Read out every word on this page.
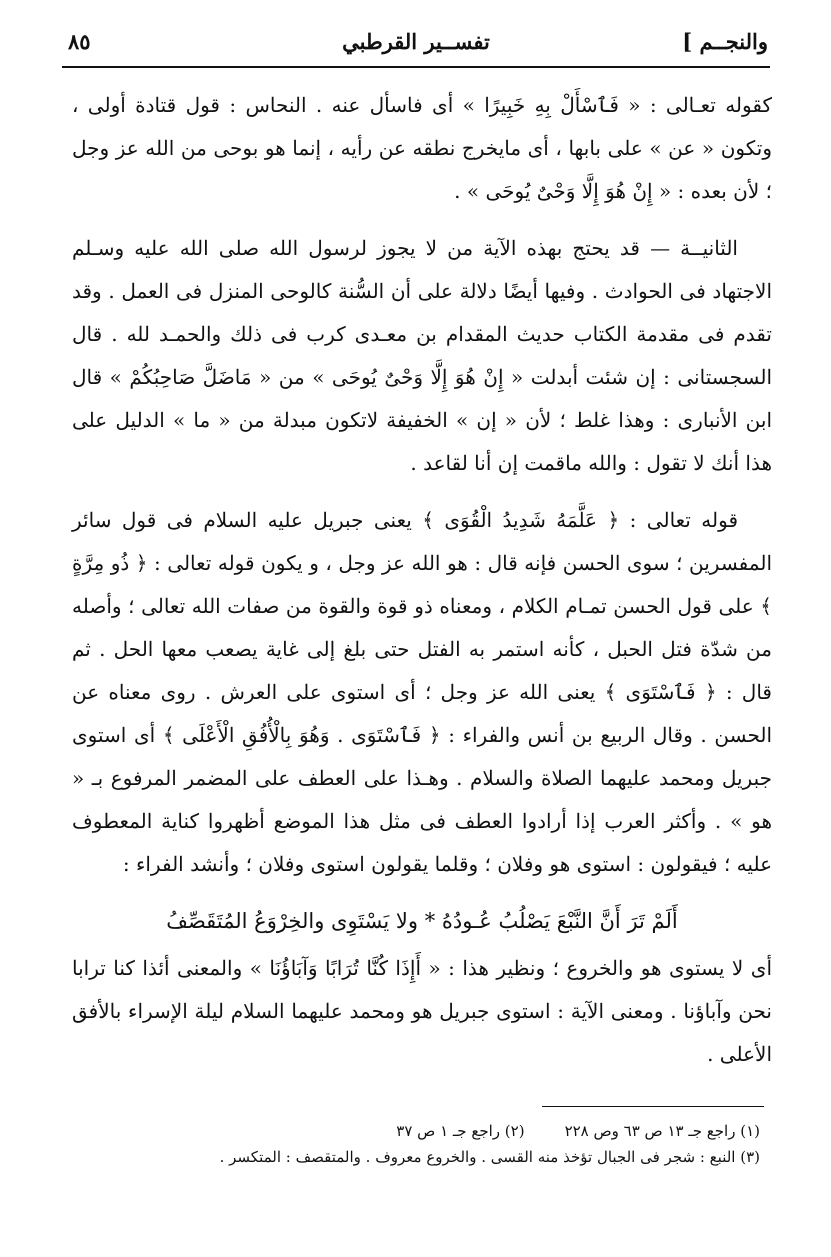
والنجــم ]
تفســير القرطبي
٨٥

كقوله تعـالى : « فَٱسْأَلْ بِهِ خَبِيرًا » أى فاسأل عنه . النحاس : قول قتادة أولى ، وتكون « عن » على بابها ، أى مايخرج نطقه عن رأيه ، إنما هو بوحى من الله عز وجل ؛ لأن بعده : « إِنْ هُوَ إِلَّا وَحْىٌ يُوحَى » .

الثانيــة — قد يحتج بهذه الآية من لا يجوز لرسول الله صلى الله عليه وسـلم الاجتهاد فى الحوادث . وفيها أيضًا دلالة على أن السُّنة كالوحى المنزل فى العمل . وقد تقدم فى مقدمة الكتاب حديث المقدام بن معـدى كرب فى ذلك والحمـد لله . قال السجستانى : إن شئت أبدلت « إِنْ هُوَ إِلَّا وَحْىٌ يُوحَى » من « مَاضَلَّ صَاحِبُكُمْ » قال ابن الأنبارى : وهذا غلط ؛ لأن « إن » الخفيفة لاتكون مبدلة من « ما » الدليل على هذا أنك لا تقول : والله ماقمت إن أنا لقاعد .

قوله تعالى : ﴿ عَلَّمَهُ شَدِيدُ الْقُوَى ﴾ يعنى جبريل عليه السلام فى قول سائر المفسرين ؛ سوى الحسن فإنه قال : هو الله عز وجل ، و يكون قوله تعالى : ﴿ ذُو مِرَّةٍ ﴾ على قول الحسن تمـام الكلام ، ومعناه ذو قوة والقوة من صفات الله تعالى ؛ وأصله من شدّة فتل الحبل ، كأنه استمر به الفتل حتى بلغ إلى غاية يصعب معها الحل . ثم قال : ﴿ فَٱسْتَوَى ﴾ يعنى الله عز وجل ؛ أى استوى على العرش . روى معناه عن الحسن . وقال الربيع بن أنس والفراء : ﴿ فَٱسْتَوَى . وَهُوَ بِالْأُفُقِ الْأَعْلَى ﴾ أى استوى جبريل ومحمد عليهما الصلاة والسلام . وهـذا على العطف على المضمر المرفوع بـ « هو » . وأكثر العرب إذا أرادوا العطف فى مثل هذا الموضع أظهروا كناية المعطوف عليه ؛ فيقولون : استوى هو وفلان ؛ وقلما يقولون استوى وفلان ؛ وأنشد الفراء :

أَلَمْ تَرَ أَنَّ النَّبْعَ يَصْلُبُ عُـودُهُ * ولا يَسْتَوِى والخِرْوَعُ المُتَقَصِّفُ

أى لا يستوى هو والخروع ؛ ونظير هذا : « أَإِذَا كُنَّا تُرَابًا وَآبَاؤُنَا » والمعنى أئذا كنا ترابا نحن وآباؤنا . ومعنى الآية : استوى جبريل هو ومحمد عليهما السلام ليلة الإسراء بالأفق الأعلى .

(١) راجع جـ ١٣ ص ٦٣ وص ٢٢٨(٢) راجع جـ ١ ص ٣٧
(٣) النبع : شجر فى الجبال تؤخذ منه القسى . والخروع معروف . والمتقصف : المتكسر .
